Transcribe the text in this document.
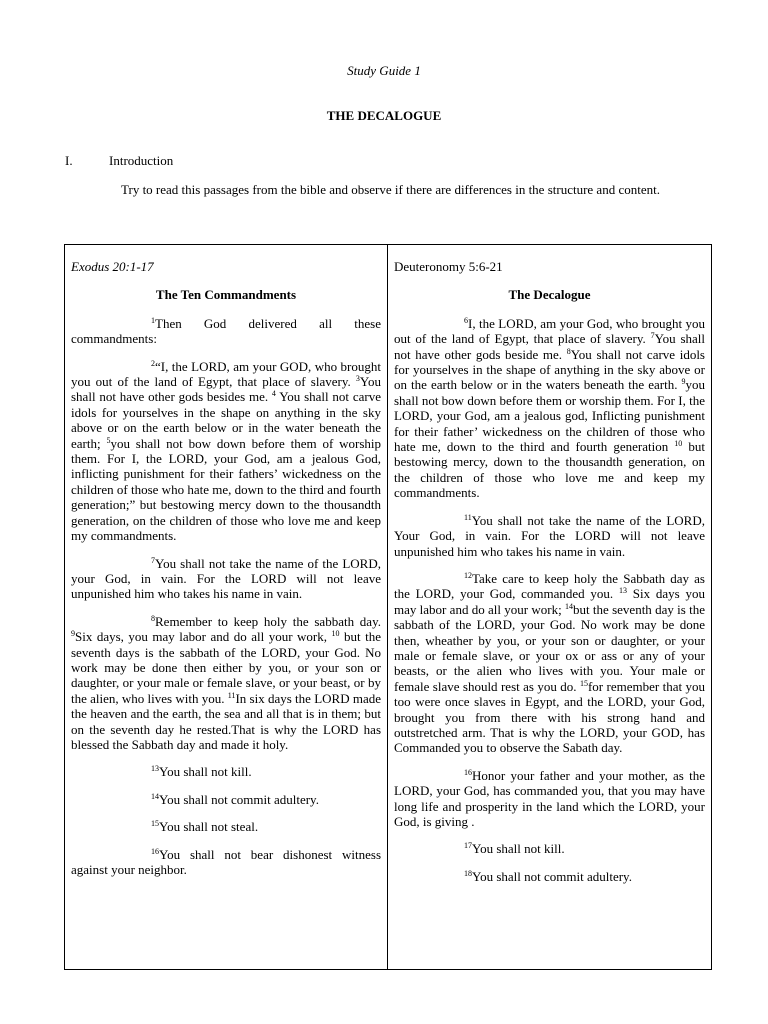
Study Guide 1
THE DECALOGUE
I.	Introduction

Try to read this passages from the bible and observe if there are differences in the structure and content.

Exodus 20:1-17
The Ten Commandments

$^1$Then God delivered all these commandments:

$^2$“I, the LORD, am your GOD, who brought you out of the land of Egypt, that place of slavery. $^3$You shall not have other gods besides me. $^4$ You shall not carve idols for yourselves in the shape on anything in the sky above or on the earth below or in the water beneath the earth; $^5$you shall not bow down before them of worship them. For I, the LORD, your God, am a jealous God, inflicting punishment for their fathers’ wickedness on the children of those who hate me, down to the third and fourth generation;” but bestowing mercy down to the thousandth generation, on the children of those who love me and keep my commandments.

$^7$You shall not take the name of the LORD, your God, in vain. For the LORD will not leave unpunished him who takes his name in vain.

$^8$Remember to keep holy the sabbath day. $^9$Six days, you may labor and do all your work, $^{10}$ but the seventh days is the sabbath of the LORD, your God. No work may be done then either by you, or your son or daughter, or your male or female slave, or your beast, or by the alien, who lives with you. $^{11}$In six days the LORD made the heaven and the earth, the sea and all that is in them; but on the seventh day he rested.That is why the LORD has blessed the Sabbath day and made it holy.

$^{13}$You shall not kill.

$^{14}$You shall not commit adultery.

$^{15}$You shall not steal.

$^{16}$You shall not bear dishonest witness against your neighbor.

Deuteronomy 5:6-21
The Decalogue

$^6$I, the LORD, am your God, who brought you out of the land of Egypt, that place of slavery. $^7$You shall not have other gods beside me. $^8$You shall not carve idols for yourselves in the shape of anything in the sky above or on the earth below or in the waters beneath the earth. $^9$you shall not bow down before them or worship them. For I, the LORD, your God, am a jealous god, Inflicting punishment for their father’ wickedness on the children of those who hate me, down to the third and fourth generation $^{10}$ but bestowing mercy, down to the thousandth generation, on the children of those who love me and keep my commandments.

$^{11}$You shall not take the name of the LORD, Your God, in vain. For the LORD will not leave unpunished him who takes his name in vain.

$^{12}$Take care to keep holy the Sabbath day as the LORD, your God, commanded you. $^{13}$ Six days you may labor and do all your work; $^{14}$but the seventh day is the sabbath of the LORD, your God. No work may be done then, wheather by you, or your son or daughter, or your male or female slave, or your ox or ass or any of your beasts, or the alien who lives with you. Your male or female slave should rest as you do. $^{15}$for remember that you too were once slaves in Egypt, and the LORD, your God, brought you from there with his strong hand and outstretched arm. That is why the LORD, your GOD, has Commanded you to observe the Sabath day.

$^{16}$Honor your father and your mother, as the LORD, your God, has commanded you, that you may have long life and prosperity in the land which the LORD, your God, is giving .

$^{17}$You shall not kill.

$^{18}$You shall not commit adultery.
